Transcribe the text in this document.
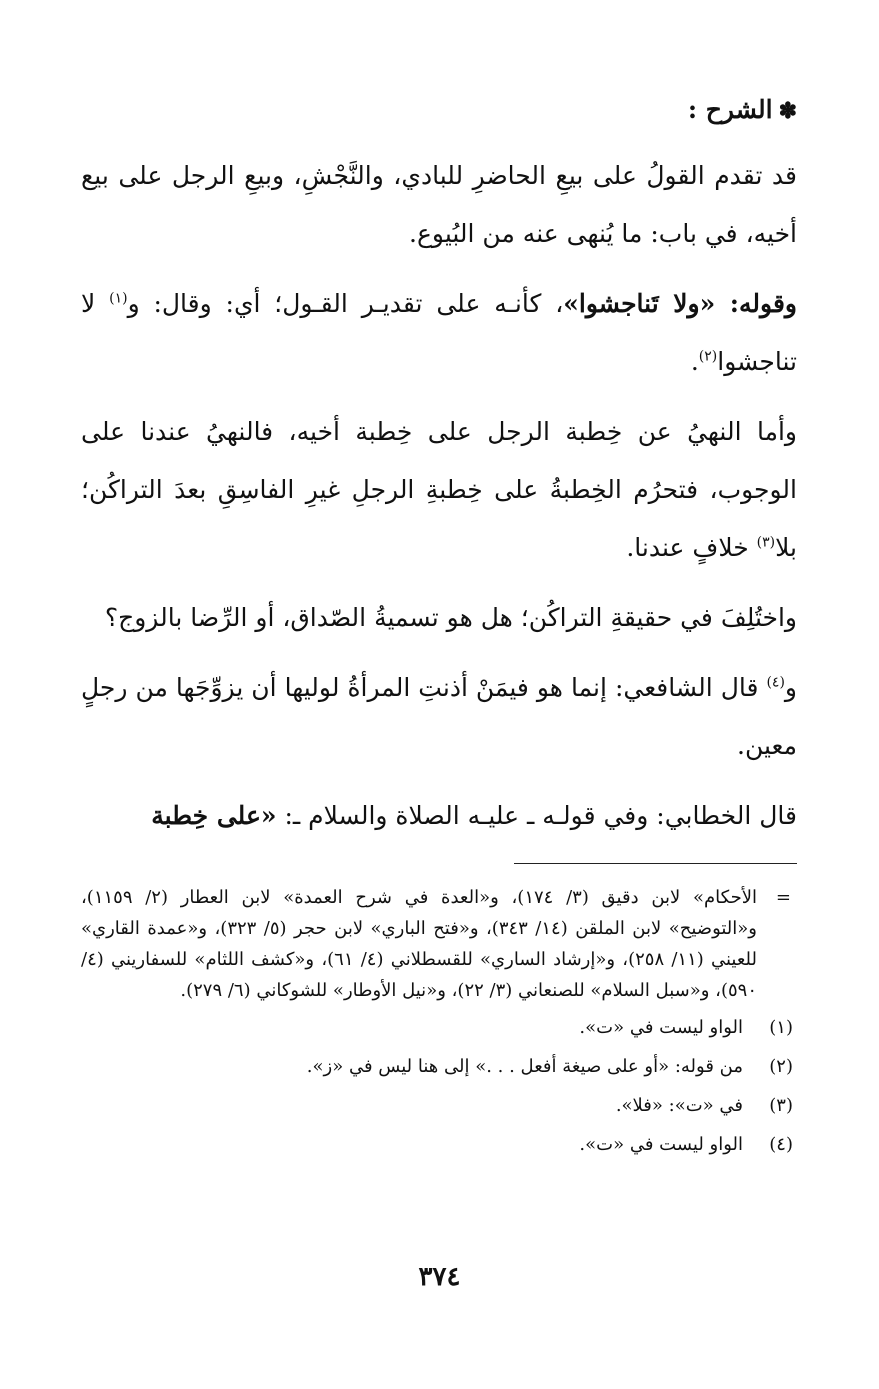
✽الشرح :

قد تقدم القولُ على بيعِ الحاضرِ للبادي، والنَّجْشِ، وبيعِ الرجل على بيع أخيه، في باب: ما يُنهى عنه من البُيوع.

وقوله: «ولا تَناجشوا»، كأنـه على تقديـر القـول؛ أي: وقال: و$^{(١)}$ لا تناجشوا$^{(٢)}$.

وأما النهيُ عن خِطبة الرجل على خِطبة أخيه، فالنهيُ عندنا على الوجوب، فتحرُم الخِطبةُ على خِطبةِ الرجلِ غيرِ الفاسِقِ بعدَ التراكُن؛ بلا$^{(٣)}$ خلافٍ عندنا.

واختُلِفَ في حقيقةِ التراكُن؛ هل هو تسميةُ الصّداق، أو الرِّضا بالزوج؟

و$^{(٤)}$ قال الشافعي: إنما هو فيمَنْ أذنتِ المرأةُ لوليها أن يزوِّجَها من رجلٍ معين.

قال الخطابي: وفي قولـه ـ عليـه الصلاة والسلام ـ: «على خِطبة

=
الأحكام» لابن دقيق (٣/ ١٧٤)، و«العدة في شرح العمدة» لابن العطار (٢/ ١١٥٩)، و«التوضيح» لابن الملقن (١٤/ ٣٤٣)، و«فتح الباري» لابن حجر (٥/ ٣٢٣)، و«عمدة القاري» للعيني (١١/ ٢٥٨)، و«إرشاد الساري» للقسطلاني (٤/ ٦١)، و«كشف اللثام» للسفاريني (٤/ ٥٩٠)، و«سبل السلام» للصنعاني (٣/ ٢٢)، و«نيل الأوطار» للشوكاني (٦/ ٢٧٩).
(١)
الواو ليست في «ت».
(٢)
من قوله: «أو على صيغة أفعل . . .» إلى هنا ليس في «ز».
(٣)
في «ت»: «فلا».
(٤)
الواو ليست في «ت».
٣٧٤
